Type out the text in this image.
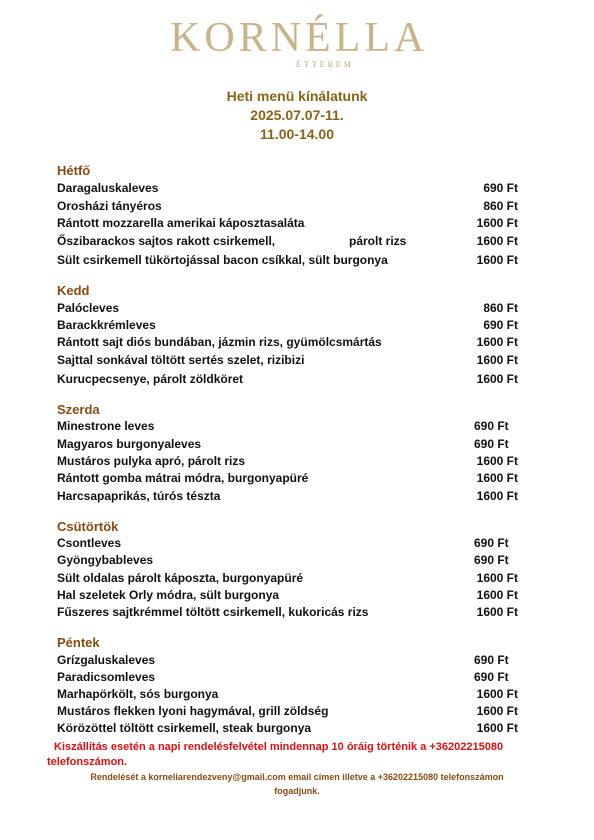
KORNÉLLA
ÉTTEREM
Heti menü kínálatunk
2025.07.07-11.
11.00-14.00
Hétfő
Daragaluskaleves	690 Ft
Orosházi tányéros	860 Ft
Rántott mozzarella amerikai káposztasaláta	1600 Ft
Őszibarackos sajtos rakott csirkemell,	párolt rizs	1600 Ft
Sült csirkemell tükörtojással bacon csíkkal, sült burgonya	1600 Ft
Kedd
Palócleves	860 Ft
Barackkrémleves	690 Ft
Rántott sajt diós bundában, jázmin rizs, gyümölcsmártás	1600 Ft
Sajttal sonkával töltött sertés szelet, rizibizi	1600 Ft
Kurucpecsenye, párolt zöldköret	1600 Ft
Szerda
Minestrone leves	690 Ft
Magyaros burgonyaleves	690 Ft
Mustáros pulyka apró, párolt rizs	1600 Ft
Rántott gomba mátrai módra, burgonyapüré	1600 Ft
Harcsapaprikás, túrós tészta	1600 Ft
Csütörtök
Csontleves	690 Ft
Gyöngybableves	690 Ft
Sült oldalas párolt káposzta, burgonyapüré	1600 Ft
Hal szeletek Orly módra, sült burgonya	1600 Ft
Fűszeres sajtkrémmel töltött csirkemell, kukoricás rizs	1600 Ft
Péntek
Grízgaluskaleves	690 Ft
Paradicsomleves	690 Ft
Marhapörkölt, sós burgonya	1600 Ft
Mustáros flekken lyoni hagymával, grill zöldség	1600 Ft
Körözöttel töltött csirkemell, steak burgonya	1600 Ft
Kiszállítás esetén a napi rendelésfelvétel mindennap 10 óráig történik a +36202215080
telefonszámon.
Rendelését a korneliarendezveny@gmail.com email címen illetve a +36202215080 telefonszámon
fogadjunk.
